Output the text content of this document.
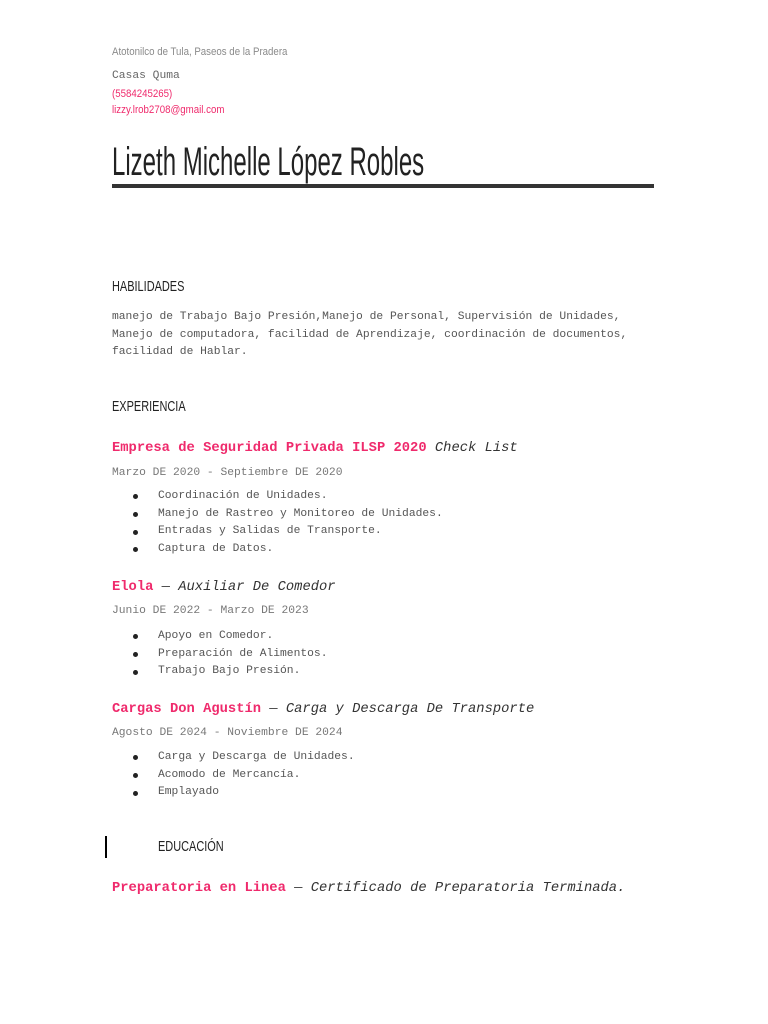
Atotonilco de Tula, Paseos de la Pradera
Casas Quma
(5584245265)
lizzy.lrob2708@gmail.com
Lizeth Michelle López Robles
HABILIDADES
manejo de Trabajo Bajo Presión,Manejo de Personal, Supervisión de Unidades, Manejo de computadora, facilidad de Aprendizaje, coordinación de documentos, facilidad de Hablar.
EXPERIENCIA
Empresa de Seguridad Privada ILSP 2020 Check List
Marzo DE 2020 - Septiembre DE 2020
Coordinación de Unidades.
Manejo de Rastreo y Monitoreo de Unidades.
Entradas y Salidas de Transporte.
Captura de Datos.
Elola — Auxiliar De Comedor
Junio DE 2022 - Marzo DE 2023
Apoyo en Comedor.
Preparación de Alimentos.
Trabajo Bajo Presión.
Cargas Don Agustín — Carga y Descarga De Transporte
Agosto DE 2024 - Noviembre DE 2024
Carga y Descarga de Unidades.
Acomodo de Mercancía.
Emplayado
EDUCACIÓN
Preparatoria en Linea — Certificado de Preparatoria Terminada.
